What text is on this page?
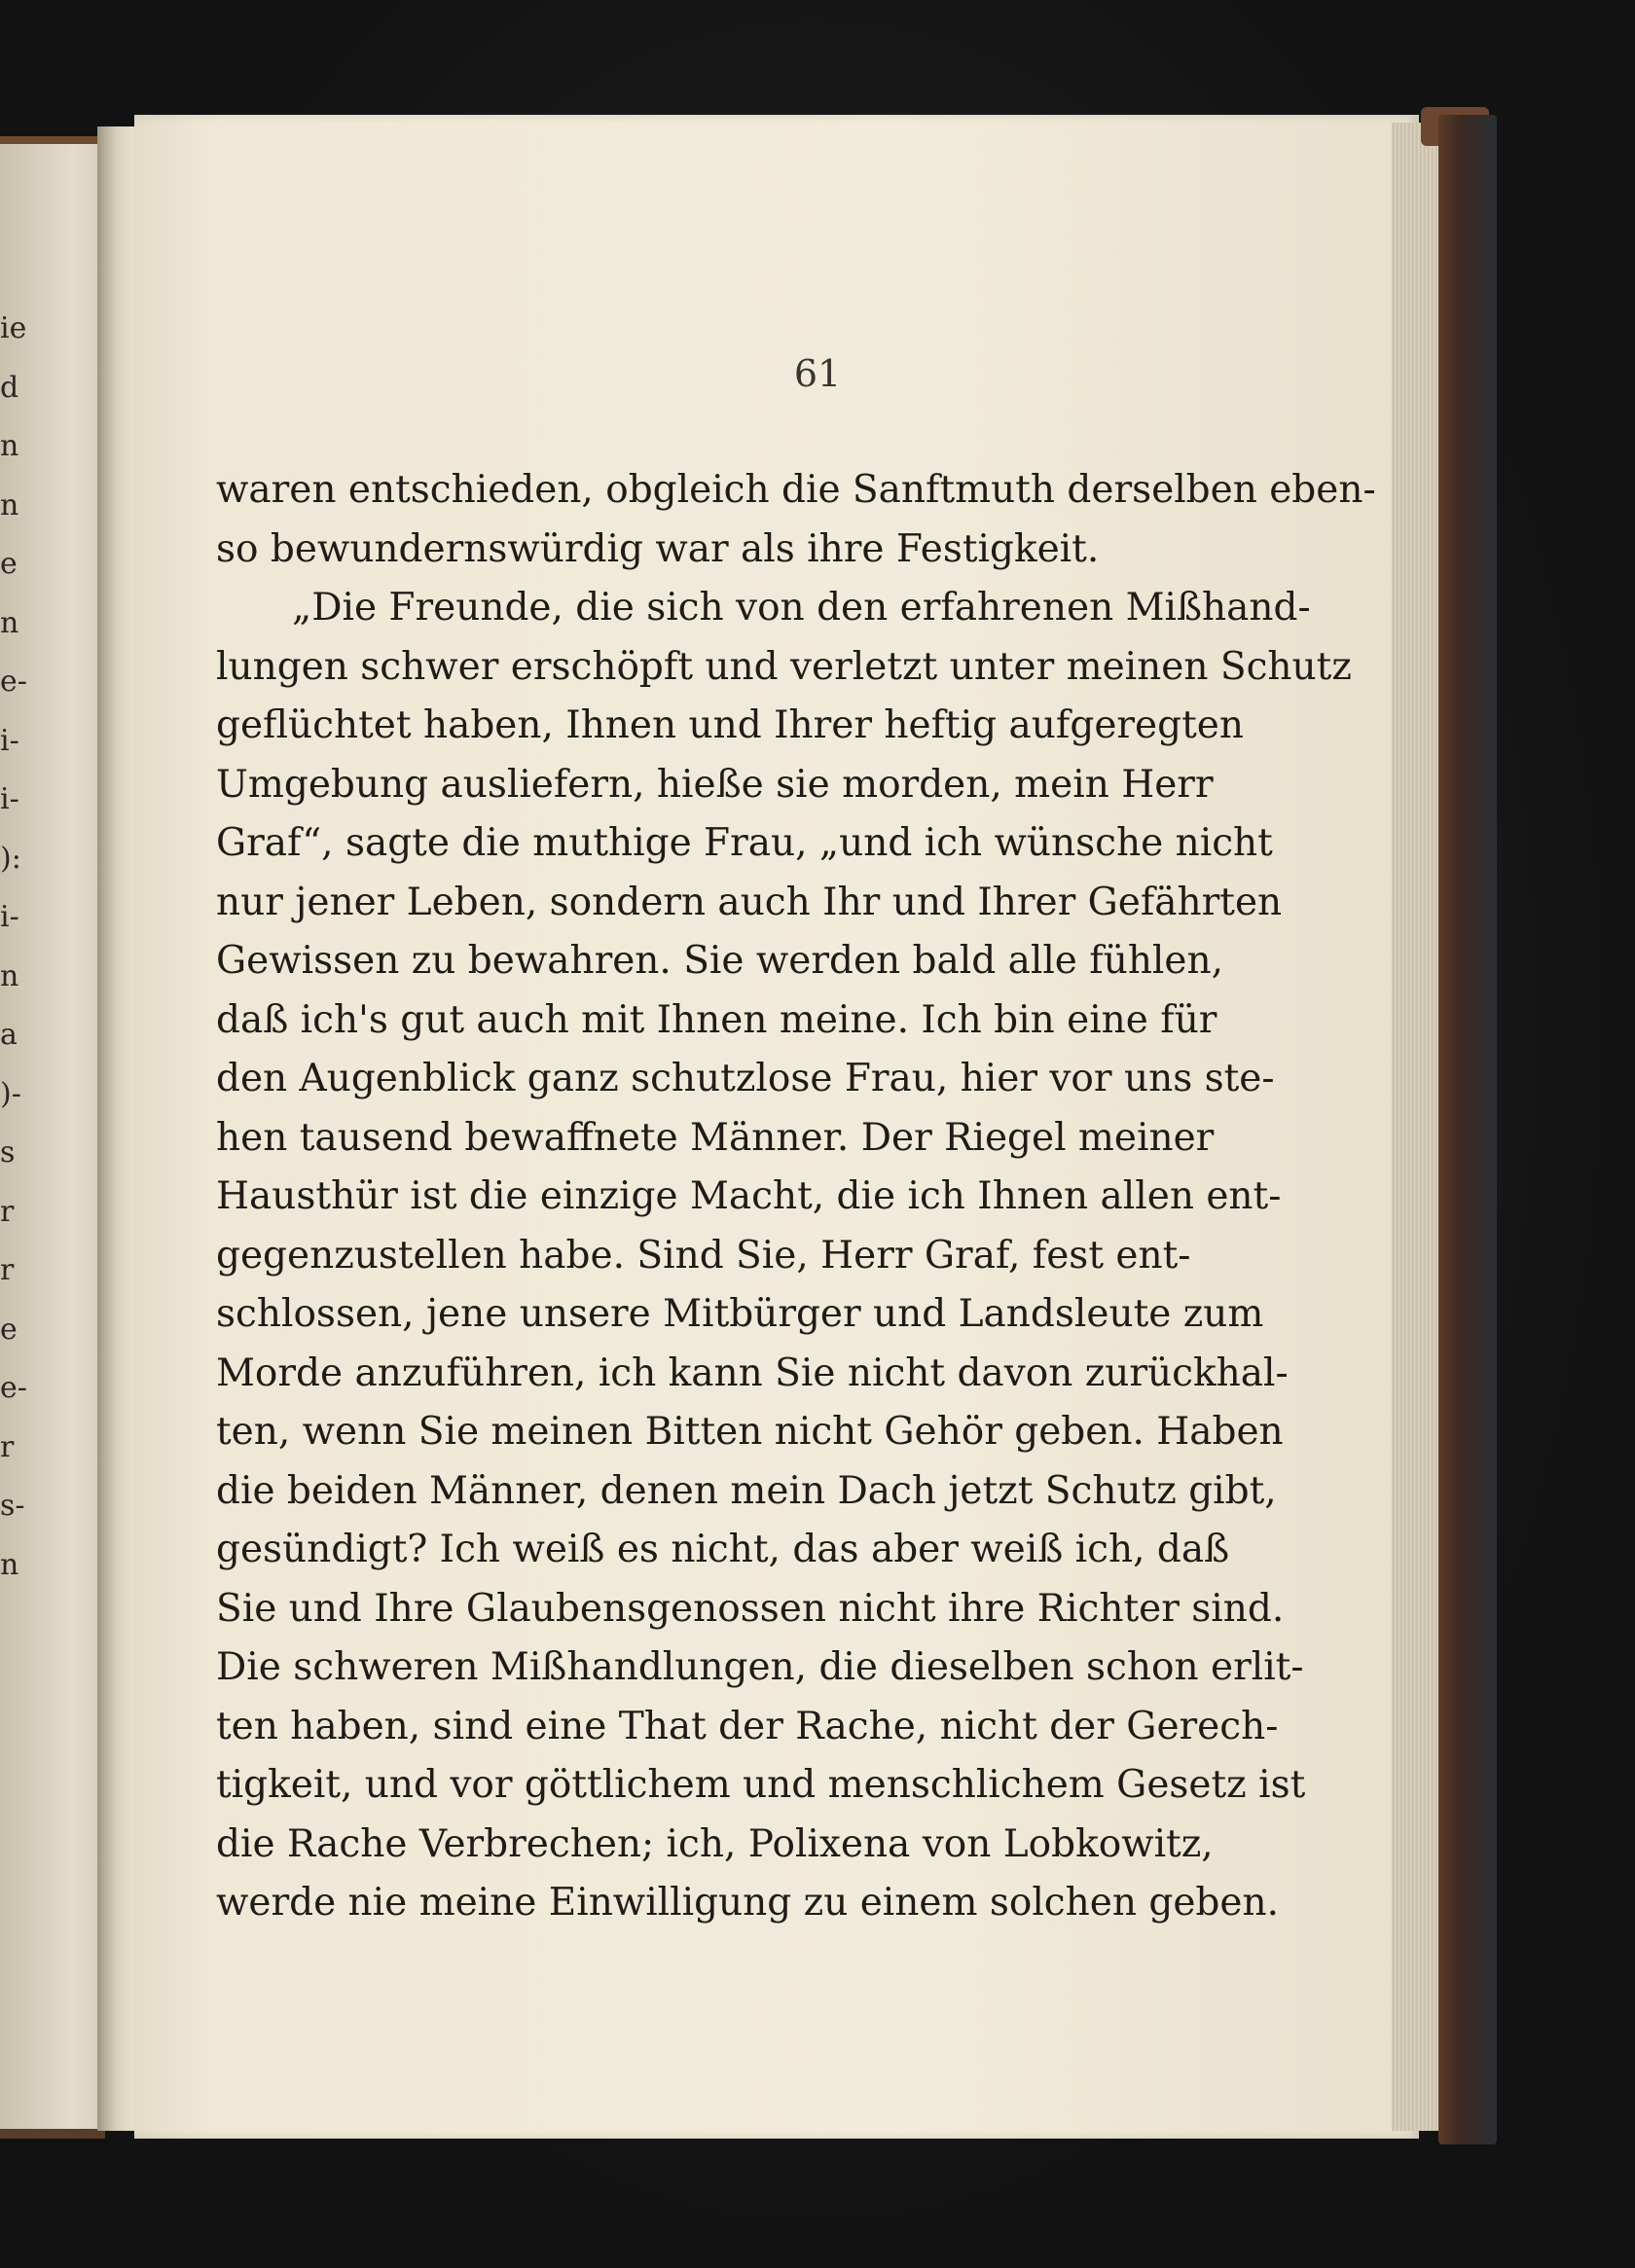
ie
d
n
n
e
n
e-
i-
i-
):
i-
n
a
)-
s
r
r
e
e-
r
s-
n
61
waren entschieden, obgleich die Sanftmuth derselben eben-
so bewundernswürdig war als ihre Festigkeit.
„Die Freunde, die sich von den erfahrenen Mißhand-
lungen schwer erschöpft und verletzt unter meinen Schutz
geflüchtet haben, Ihnen und Ihrer heftig aufgeregten
Umgebung ausliefern, hieße sie morden, mein Herr
Graf“, sagte die muthige Frau, „und ich wünsche nicht
nur jener Leben, sondern auch Ihr und Ihrer Gefährten
Gewissen zu bewahren. Sie werden bald alle fühlen,
daß ich's gut auch mit Ihnen meine. Ich bin eine für
den Augenblick ganz schutzlose Frau, hier vor uns ste-
hen tausend bewaffnete Männer. Der Riegel meiner
Hausthür ist die einzige Macht, die ich Ihnen allen ent-
gegenzustellen habe. Sind Sie, Herr Graf, fest ent-
schlossen, jene unsere Mitbürger und Landsleute zum
Morde anzuführen, ich kann Sie nicht davon zurückhal-
ten, wenn Sie meinen Bitten nicht Gehör geben. Haben
die beiden Männer, denen mein Dach jetzt Schutz gibt,
gesündigt? Ich weiß es nicht, das aber weiß ich, daß
Sie und Ihre Glaubensgenossen nicht ihre Richter sind.
Die schweren Mißhandlungen, die dieselben schon erlit-
ten haben, sind eine That der Rache, nicht der Gerech-
tigkeit, und vor göttlichem und menschlichem Gesetz ist
die Rache Verbrechen; ich, Polixena von Lobkowitz,
werde nie meine Einwilligung zu einem solchen geben.
